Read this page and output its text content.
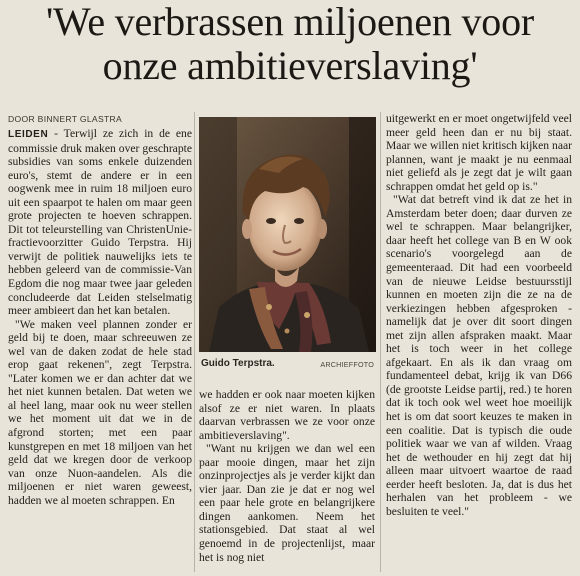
'We verbrassen miljoenen voor
onze ambitieverslaving'
DOOR BINNERT GLASTRA

LEIDEN - Terwijl ze zich in de ene commissie druk maken over geschrapte subsidies van soms enkele duizenden euro's, stemt de andere er in een oogwenk mee in ruim 18 miljoen euro uit een spaarpot te halen om maar geen grote projecten te hoeven schrappen. Dit tot teleurstelling van ChristenUnie-fractievoorzitter Guido Terpstra. Hij verwijt de politiek nauwelijks iets te hebben geleerd van de commissie-Van Egdom die nog maar twee jaar geleden concludeerde dat Leiden stelselmatig meer ambieert dan het kan betalen.

"We maken veel plannen zonder er geld bij te doen, maar schreeuwen ze wel van de daken zodat de hele stad erop gaat rekenen", zegt Terpstra. "Later komen we er dan achter dat we het niet kunnen betalen. Dat weten we al heel lang, maar ook nu weer stellen we het moment uit dat we in de afgrond storten; met een paar kunstgrepen en met 18 miljoen van het geld dat we kregen door de verkoop van onze Nuon-aandelen. Als die miljoenen er niet waren geweest, hadden we al moeten schrappen. En

Guido Terpstra.	ARCHIEFFOTO

we hadden er ook naar moeten kijken alsof ze er niet waren. In plaats daarvan verbrassen we ze voor onze ambitieverslaving".

"Want nu krijgen we dan wel een paar mooie dingen, maar het zijn onzinprojectjes als je verder kijkt dan vier jaar. Dan zie je dat er nog wel een paar hele grote en belangrijkere dingen aankomen. Neem het stationsgebied. Dat staat al wel genoemd in de projectenlijst, maar het is nog niet

uitgewerkt en er moet ongetwijfeld veel meer geld heen dan er nu bij staat. Maar we willen niet kritisch kijken naar plannen, want je maakt je nu eenmaal niet geliefd als je zegt dat je wilt gaan schrappen omdat het geld op is."

"Wat dat betreft vind ik dat ze het in Amsterdam beter doen; daar durven ze wel te schrappen. Maar belangrijker, daar heeft het college van B en W ook scenario's voorgelegd aan de gemeenteraad. Dit had een voorbeeld van de nieuwe Leidse bestuursstijl kunnen en moeten zijn die ze na de verkiezingen hebben afgesproken - namelijk dat je over dit soort dingen met zijn allen afspraken maakt. Maar het is toch weer in het college afgekaart. En als ik dan vraag om fundamenteel debat, krijg ik van D66 (de grootste Leidse partij, red.) te horen dat ik toch ook wel weet hoe moeilijk het is om dat soort keuzes te maken in een coalitie. Dat is typisch die oude politiek waar we van af wilden. Vraag het de wethouder en hij zegt dat hij alleen maar uitvoert waartoe de raad eerder heeft besloten. Ja, dat is dus het herhalen van het probleem - we besluiten te veel."
